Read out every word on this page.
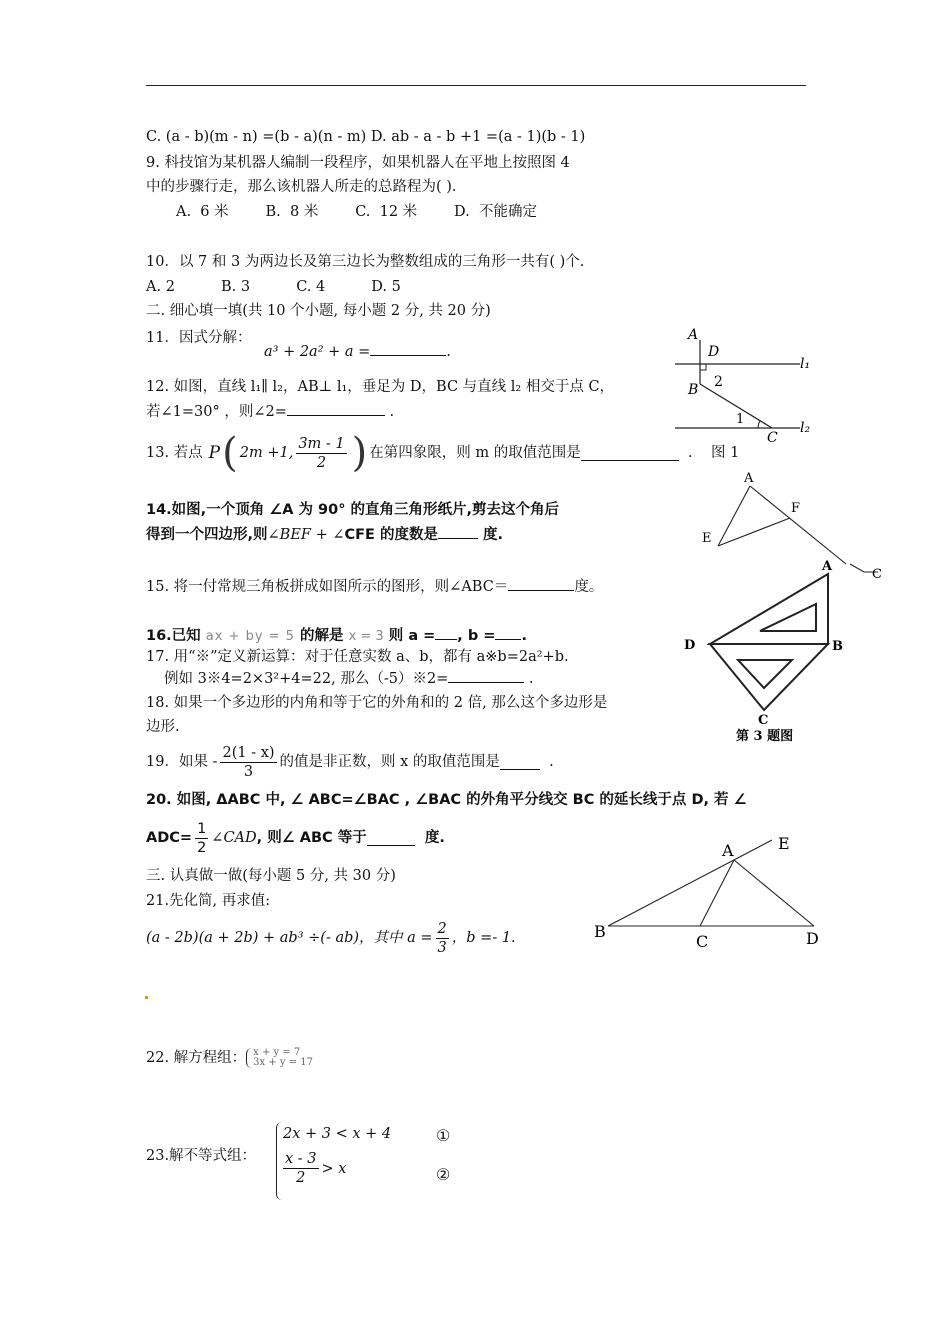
C. (a - b)(m - n) =(b - a)(n - m) D. ab - a - b +1 =(a - 1)(b - 1)
9. 科技馆为某机器人编制一段程序，如果机器人在平地上按照图 4
中的步骤行走，那么该机器人所走的总路程为( ).
A.  6 米        B.  8 米        C.  12 米        D.  不能确定
10．以 7 和 3 为两边长及第三边长为整数组成的三角形一共有( )个.
A. 2          B. 3          C. 4          D. 5
二. 细心填一填(共 10 个小题, 每小题 2 分, 共 20 分)
11．因式分解：
a³ + 2a² + a =	.
12. 如图，直线 l₁∥ l₂，AB⊥ l₁，垂足为 D，BC 与直线 l₂ 相交于点 C，
若∠1=30° ，则∠2=	.
13. 若点 P ( 2m +1, $\frac{3m - 1}{2}$ ) 在第四象限，则 m 的取值范围是	. 图 1
14.如图,一个顶角 ∠A 为 90° 的直角三角形纸片,剪去这个角后
得到一个四边形,则∠BEF + ∠CFE 的度数是	度.
15. 将一付常规三角板拼成如图所示的图形，则∠ABC＝	度。
16.已知 ax + by = 5 的解是 x = 3 则 a = , b = .
17. 用“※”定义新运算：对于任意实数 a、b，都有 a※b=2a²+b.
例如 3※4=2×3²+4=22, 那么（-5）※2=	.
18. 如果一个多边形的内角和等于它的外角和的 2 倍, 那么这个多边形是
边形.
19．如果 - $\frac{2(1 - x)}{3}$ 的值是非正数，则 x 的取值范围是	.
20. 如图, ΔABC 中, ∠ ABC=∠BAC , ∠BAC 的外角平分线交 BC 的延长线于点 D, 若 ∠
$ADC= \frac{1}{2}$ ∠CAD , 则∠ ABC 等于
	度.
三. 认真做一做(每小题 5 分, 共 30 分)
21.先化简, 再求值:
(a - 2b)(a + 2b) + ab³ ÷(- ab)，其中 $a = \frac{2}{3}$ ，b =- 1.
22. 解方程组： x + y = 7
3x + y = 17
23.解不等式组：
2x + 3 < x + 4
$\frac{x - 3}{2} > x$
①
②
A
D
B 2
1
C
l₁
l₂
A
E
F
C
A
D	B
C
第 3 题图
A	E
B
C	D
